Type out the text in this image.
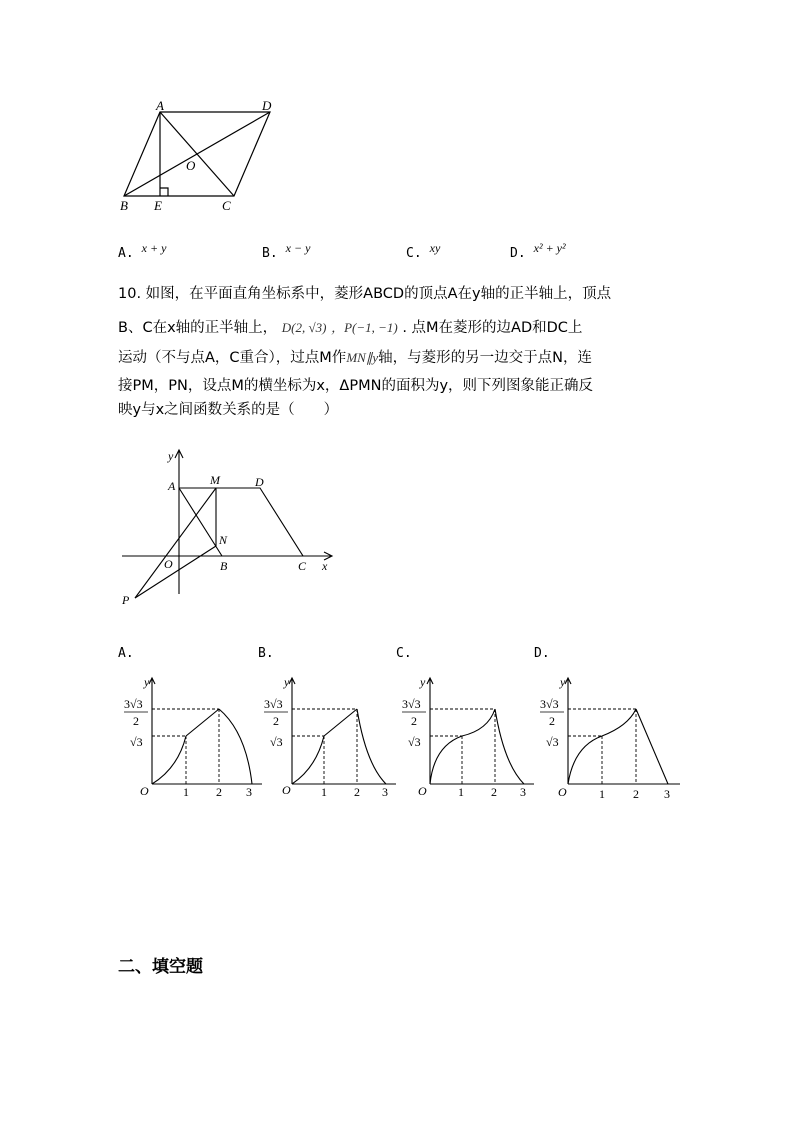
A	D
O
B E	C
A. x + y	B. x − y	C. xy	D. x² + y²
10. 如图，在平面直角坐标系中，菱形ABCD的顶点A在y轴的正半轴上，顶点
B、C在x轴的正半轴上， D(2, √3) ，P(−1, −1) . 点M在菱形的边AD和DC上
运动（不与点A，C重合），过点M作MN∥y轴，与菱形的另一边交于点N，连
接PM，PN，设点M的横坐标为x，ΔPMN的面积为y，则下列图象能正确反
映y与x之间函数关系的是（　　）
y
A	M	D
N
O	B	C x
P
A.	B.	C.	D.
y
3√3
2
√3
O	1 2 3
y
3√3
2
√3
O	1 2 3
y
3√3
2
√3
O	1 2 3
y
3√3
2
√3
O	1 2 3
二、填空题
